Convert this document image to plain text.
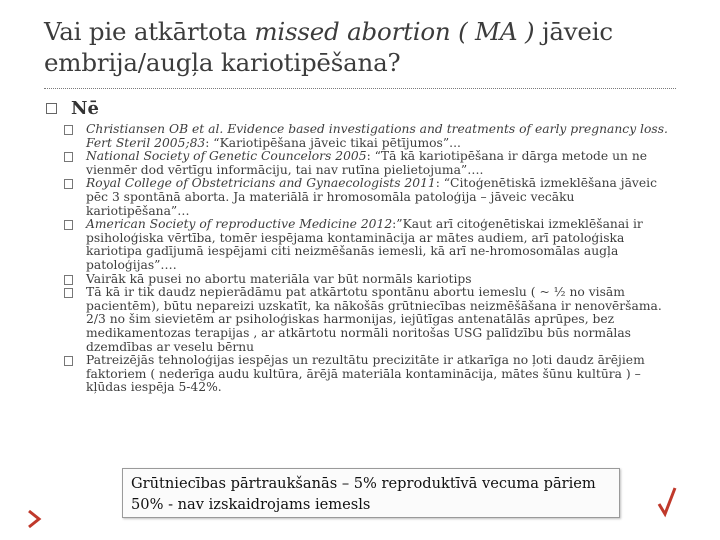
Vai pie atkārtota missed abortion ( MA ) jāveic
embrija/augļa kariotipēšana?
Nē
Christiansen OB et al. Evidence based investigations and treatments of early pregnancy loss. Fert Steril 2005;83: “Kariotipēšana jāveic tikai pētījumos”...
National Society of Genetic Councelors 2005: “Tā kā kariotipēšana ir dārga metode un ne vienmēr dod vērtīgu informāciju, tai nav rutīna pielietojuma”….
Royal College of Obstetricians and Gynaecologists 2011: “Citoģenētiskā izmeklēšana jāveic pēc 3 spontānā aborta. Ja materiālā ir hromosomāla patoloģija – jāveic vecāku kariotipēšana”…
American Society of reproductive Medicine 2012:”Kaut arī citoģenētiskai izmeklēšanai ir psiholoģiska vērtība, tomēr iespējama kontaminācija ar mātes audiem, arī patoloģiska kariotipa gadījumā iespējami citi neizmēšanās iemesli, kā arī ne-hromosomālas augļa patoloģijas”….
Vairāk kā pusei no abortu materiāla var būt normāls kariotips
Tā kā ir tik daudz nepierādāmu pat atkārtotu spontānu abortu iemeslu ( ~ ½ no visām pacientēm), būtu nepareizi uzskatīt, ka nākošās grūtniecības neizmēšāšana ir nenovēršama. 2/3 no šim sievietēm ar psiholoģiskas harmonijas, iejūtīgas antenatālās aprūpes, bez medikamentozas terapijas , ar atkārtotu normāli noritošas USG palīdzību būs normālas dzemdības ar veselu bērnu
Patreizējās tehnoloģijas iespējas un rezultātu precizitāte ir atkarīga no ļoti daudz ārējiem faktoriem ( nederīga audu kultūra, ārējā materiāla kontaminācija, mātes šūnu kultūra ) – kļūdas iespēja 5-42%.
Grūtniecības pārtraukšanās – 5% reproduktīvā vecuma pāriem
50% - nav izskaidrojams iemesls
